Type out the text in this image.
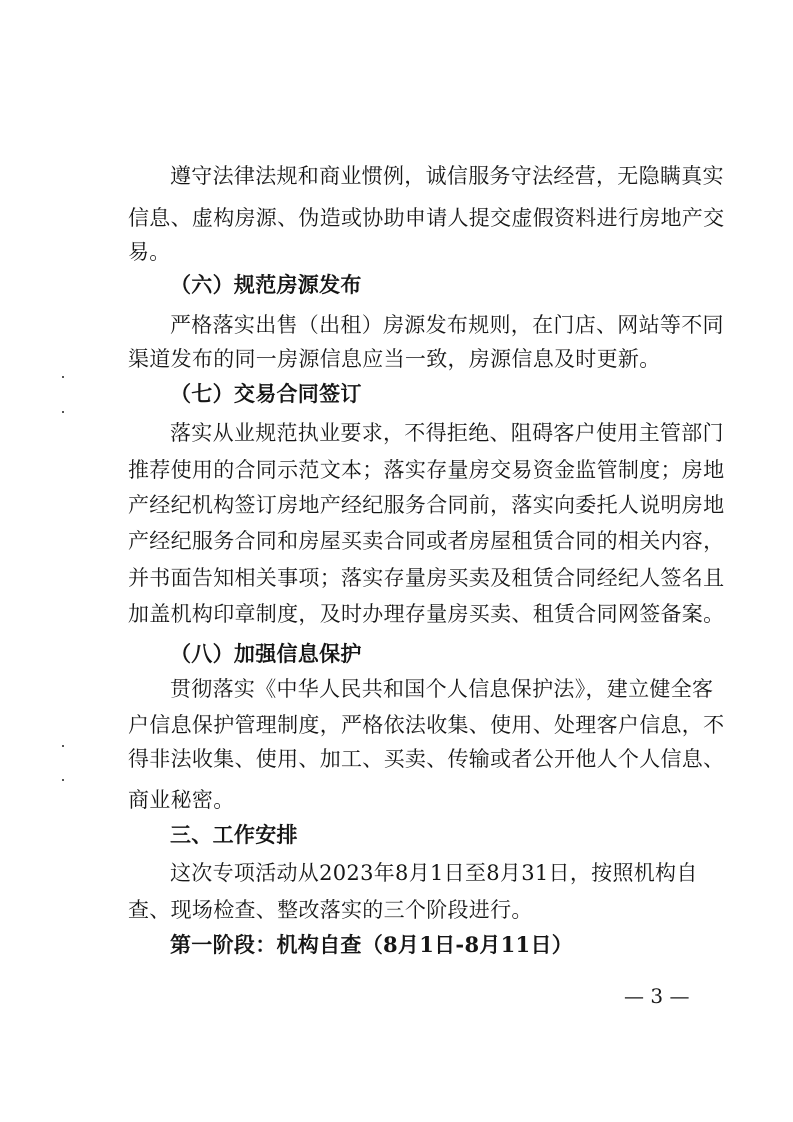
遵守法律法规和商业惯例，诚信服务守法经营，无隐瞒真实
信息、虚构房源、伪造或协助申请人提交虚假资料进行房地产交
易。
（六）规范房源发布
严格落实出售（出租）房源发布规则，在门店、网站等不同
渠道发布的同一房源信息应当一致，房源信息及时更新。
（七）交易合同签订
落实从业规范执业要求，不得拒绝、阻碍客户使用主管部门
推荐使用的合同示范文本；落实存量房交易资金监管制度；房地
产经纪机构签订房地产经纪服务合同前，落实向委托人说明房地
产经纪服务合同和房屋买卖合同或者房屋租赁合同的相关内容，
并书面告知相关事项；落实存量房买卖及租赁合同经纪人签名且
加盖机构印章制度，及时办理存量房买卖、租赁合同网签备案。
（八）加强信息保护
贯彻落实《中华人民共和国个人信息保护法》，建立健全客
户信息保护管理制度，严格依法收集、使用、处理客户信息，不
得非法收集、使用、加工、买卖、传输或者公开他人个人信息、
商业秘密。
三、工作安排
这次专项活动从2023年8月1日至8月31日，按照机构自
查、现场检查、整改落实的三个阶段进行。
第一阶段：机构自查（8月1日-8月11日）
— 3 —
